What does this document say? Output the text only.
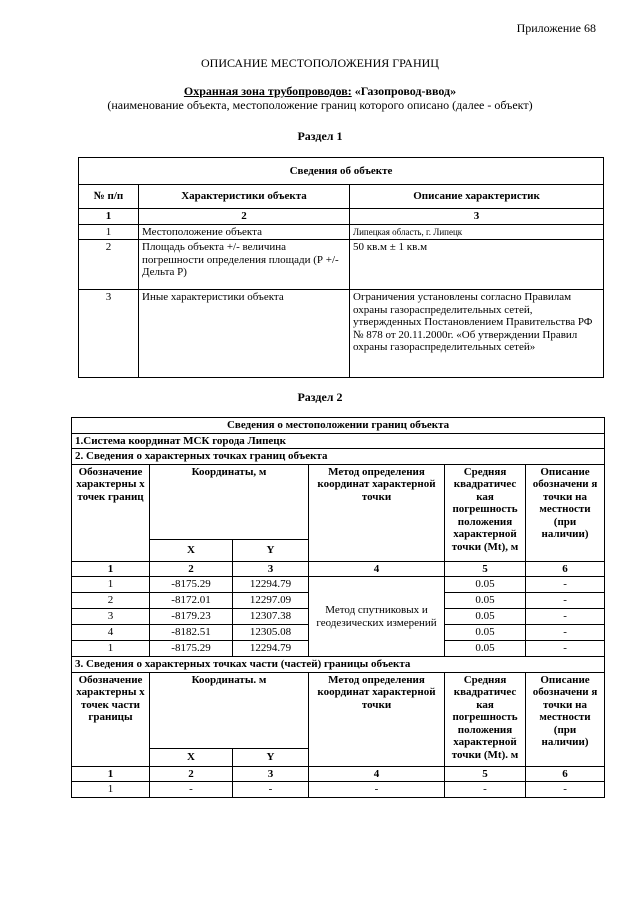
Приложение 68
ОПИСАНИЕ МЕСТОПОЛОЖЕНИЯ ГРАНИЦ
Охранная зона трубопроводов: «Газопровод-ввод»
(наименование объекта, местоположение границ которого описано (далее - объект)
Раздел 1
Сведения об объекте		
№ п/п	Характеристики объекта	Описание характеристик
1	2	3
1	Местоположение объекта	Липецкая область, г. Липецк
2	Площадь объекта +/- величина погрешности определения площади (Р +/- Дельта Р)	50 кв.м ± 1 кв.м
3	Иные характеристики объекта	Ограничения установлены согласно Правилам охраны газораспределительных сетей, утвержденных Постановлением Правительства РФ № 878 от 20.11.2000г. «Об утверждении Правил охраны газораспределительных сетей»
Раздел 2
Сведения о местоположении границ объекта					
1.Система координат МСК города Липецк					
2. Сведения о характерных точках границ объекта					
Обозначение характерны х точек границ	Координаты, м		Метод определения координат характерной точки	Средняя квадратичес кая погрешность положения характерной точки (Mt), м	Описание обозначени я точки на местности (при наличии)
	X	Y			
1	2	3	4	5	6
1	-8175.29	12294.79	Метод спутниковых и геодезических измерений	0.05	-
2	-8172.01	12297.09		0.05	-
3	-8179.23	12307.38		0.05	-
4	-8182.51	12305.08		0.05	-
1	-8175.29	12294.79		0.05	-
3. Сведения о характерных точках части (частей) границы объекта					
Обозначение характерны х точек части границы	Координаты. м		Метод определения координат характерной точки	Средняя квадратичес кая погрешность положения характерной точки (Mt). м	Описание обозначени я точки на местности (при наличии)
	X	Y			
1	2	3	4	5	6
1	-	-	-	-	-
